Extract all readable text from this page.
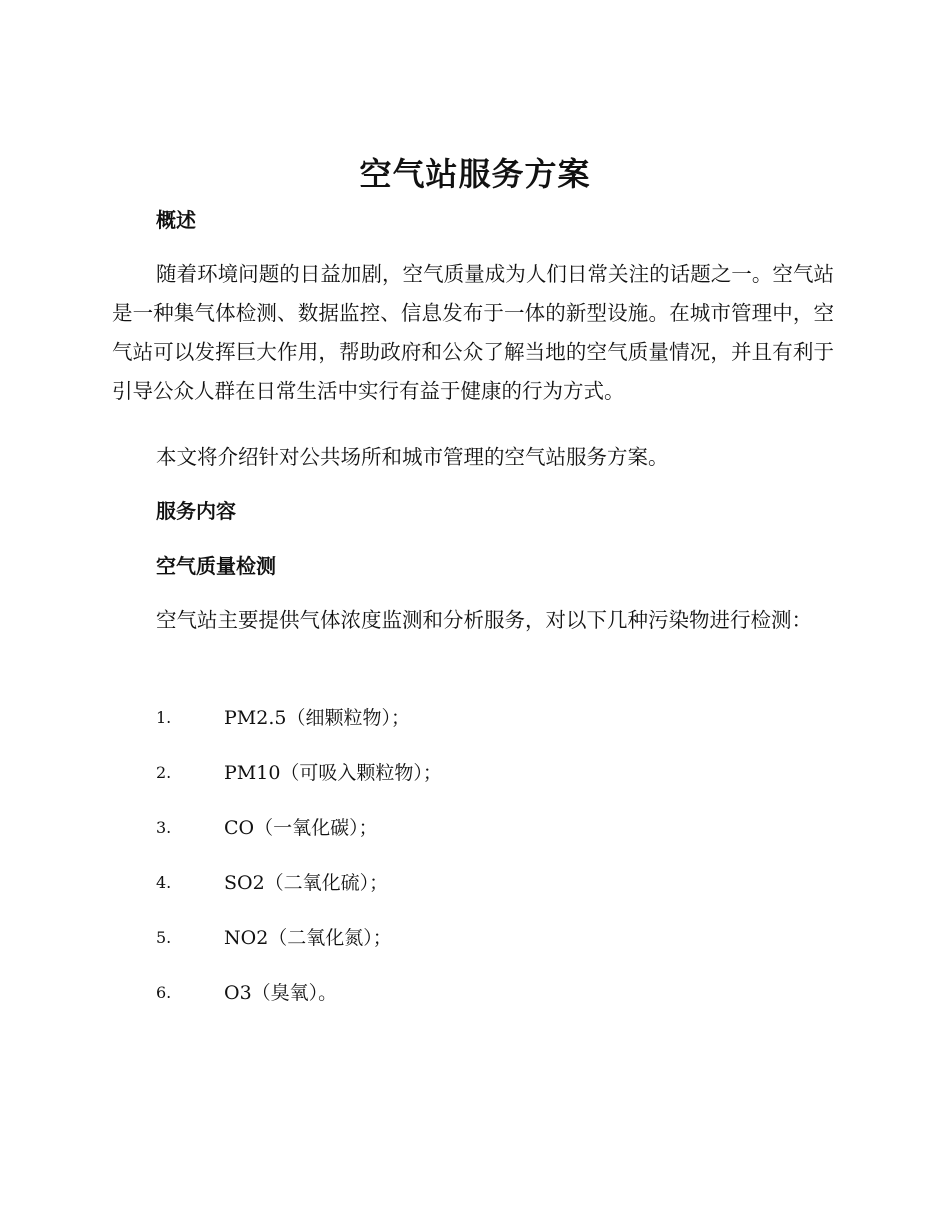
空气站服务方案
概述
随着环境问题的日益加剧，空气质量成为人们日常关注的话题之一。空气站是一种集气体检测、数据监控、信息发布于一体的新型设施。在城市管理中，空气站可以发挥巨大作用，帮助政府和公众了解当地的空气质量情况，并且有利于引导公众人群在日常生活中实行有益于健康的行为方式。
本文将介绍针对公共场所和城市管理的空气站服务方案。
服务内容
空气质量检测
空气站主要提供气体浓度监测和分析服务，对以下几种污染物进行检测：
1.	PM2.5（细颗粒物）；
2.	PM10（可吸入颗粒物）；
3.	CO（一氧化碳）；
4.	SO2（二氧化硫）；
5.	NO2（二氧化氮）；
6.	O3（臭氧）。
